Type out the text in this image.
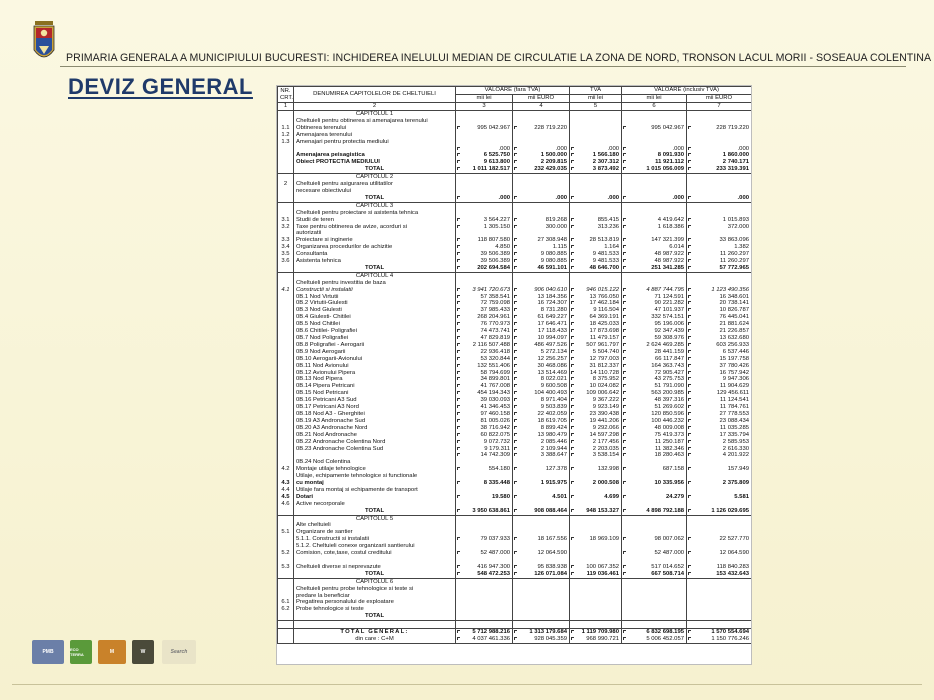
PRIMARIA GENERALA A MUNICIPIULUI BUCURESTI: INCHIDEREA INELULUI MEDIAN DE CIRCULATIE LA ZONA DE NORD, TRONSON LACUL MORII - SOSEAUA COLENTINA
DEVIZ GENERAL	NR. CRT.	DENUMIREA CAPITOLELOR DE CHELTUIELI	VALOARE (fara TVA)		TVA	VALOARE (inclusiv TVA)	
		mii lei	mii EURO	mii lei	mii lei	mii EURO
1	2	3	4	5	6	7
	CAPITOLUL 1					
	Cheltuieli pentru obtinerea si amenajarea terenului					
1.1	Obtinerea terenului	995 042.967	228 719.220		995 042.967	228 719.220
1.2	Amenajarea terenului					
1.3	Amenajari pentru protectia mediului					
		.000	.000	.000	.000	.000
	Amenajarea peisagistica	6 525.750	1 500.000	1 566.180	8 091.930	1 860.000
	Obiect PROTECTIA MEDIULUI	9 613.800	2 209.815	2 307.312	11 921.112	2 740.171
	TOTAL	1 011 182.517	232 429.035	3 873.492	1 015 056.009	233 319.391
	CAPITOLUL 2					
2	Cheltuieli pentru asigurarea utilitatilor					
	necesare obiectivului					
	TOTAL	.000	.000	.000	.000	.000
	CAPITOLUL 3					
	Cheltuieli pentru proiectare si asistenta tehnica					
3.1	Studii de teren	3 564.227	819.268	855.415	4 419.642	1 015.893
3.2	Taxe pentru obtinerea de avize, acorduri si	1 305.150	300.000	313.236	1 618.386	372.000
	autorizatii					
3.3	Proiectare si inginerie	118 807.580	27 308.948	28 513.819	147 321.399	33 863.096
3.4	Organizarea procedurilor de achizitie	4.850	1.115	1.164	6.014	1.382
3.5	Consultanta	39 506.389	9 080.885	9 481.533	48 987.922	11 260.297
3.6	Asistenta tehnica	39 506.389	9 080.885	9 481.533	48 987.922	11 260.297
	TOTAL	202 694.584	46 591.101	48 646.700	251 341.285	57 772.965
	CAPITOLUL 4					
	Cheltuieli pentru investitia de baza					
4.1	Constructii si instalatii	3 941 720.673	906 040.610	946 015.122	4 887 744.795	1 123 490.356
	0B.1 Nod Virtutii	57 358.541	13 184.356	13 766.050	71 124.591	16 348.601
	0B.2 Virtutii-Giulesti	72 759.098	16 724.307	17 462.184	90 221.282	20 738.141
	0B.3 Nod Giulesti	37 985.433	8 731.280	9 116.504	47 101.937	10 826.787
	0B.4 Giulesti- Chitilei	268 204.961	61 649.227	64 369.191	332 574.151	76 445.041
	0B.5 Nod Chitilei	76 770.973	17 646.471	18 425.033	95 196.006	21 881.624
	0B.6 Chitilei- Poligrafiei	74 473.741	17 118.433	17 873.698	92 347.439	21 226.857
	0B.7 Nod Poligrafiei	47 829.819	10 994.097	11 479.157	59 308.976	13 632.680
	0B.8 Poligrafiei - Aerogarii	2 116 507.488	486 497.526	507 961.797	2 624 469.285	603 256.933
	0B.9 Nod Aerogarii	22 936.418	5 272.134	5 504.740	28 441.159	6 537.446
	0B.10 Aerogarii-Avionului	53 320.844	12 256.257	12 797.003	66 117.847	15 197.758
	0B.11 Nod Avionului	132 551.406	30 468.086	31 812.337	164 363.743	37 780.426
	0B.12 Avionului Pipera	58 794.699	13 514.469	14 110.728	72 905.427	16 757.942
	0B.13 Nod Pipera	34 899.801	8 022.021	8 375.952	43 275.753	9 947.306
	0B.14 Pipera Petricani	41 767.008	9 600.508	10 024.082	51 791.090	11 904.629
	0B.15 Nod Petricani	454 194.343	104 400.493	109 006.642	563 200.985	129 456.611
	0B.16 Petricani A3 Sud	39 030.093	8 971.404	9 367.222	48 397.316	11 124.541
	0B.17 Petricani A3 Nord	41 346.453	9 503.839	9 923.149	51 269.602	11 784.761
	0B.18 Nod A3 - Gherghitei	97 460.158	22 402.059	23 390.438	120 850.596	27 778.553
	0B.19 A3 Andronache Sud	81 005.026	18 619.705	19 441.206	100 446.232	23 088.434
	0B.20 A3 Andronache Nord	38 716.942	8 899.424	9 292.066	48 009.008	11 035.285
	0B.21 Nod Andronache	60 822.075	13 980.479	14 597.298	75 419.373	17 335.794
	0B.22 Andronache Colentina Nord	9 072.732	2 085.446	2 177.456	11 250.187	2 585.953
	0B.23 Andronache Colentina Sud	9 179.311	2 109.944	2 203.035	11 382.346	2 616.330
		14 742.309	3 388.647	3 538.154	18 280.463	4 201.922
	0B.24 Nod Colentina					
4.2	Montaje utilaje tehnologice	554.180	127.378	132.998	687.158	157.949
	Utilaje, echipamente tehnologice si functionale					
4.3	cu montaj	8 335.448	1 915.975	2 000.508	10 335.956	2 375.809
4.4	Utilaje fara montaj si echipamente de transport					
4.5	Dotari	19.580	4.501	4.699	24.279	5.581
4.6	Active necorporale					
	TOTAL	3 950 638.861	908 088.464	948 153.327	4 898 792.188	1 126 029.695
	CAPITOLUL 5					
	Alte cheltuieli					
5.1	Organizare de santier					
	5.1.1. Constructii si instalatii	79 037.933	18 167.556	18 969.109	98 007.062	22 527.770
	5.1.2. Cheltuieli conexe organizarii santierului					
5.2	Comision, cote,taxe, costul creditului	52 487.000	12 064.590		52 487.000	12 064.590

5.3	Cheltuieli diverse si neprevazute	416 947.300	95 838.938	100 067.352	517 014.652	118 840.283
	TOTAL	548 472.253	126 071.084	119 036.461	667 508.714	153 432.643
	CAPITOLUL 6					
	Cheltuieli pentru probe tehnologice si teste si					
	predare la beneficiar					
6.1	Pregatirea personalului de exploatare					
6.2	Probe tehnologice si teste					
	TOTAL					

	TOTAL GENERAL:	5 712 988.216	1 313 179.684	1 119 709.980	6 832 698.195	1 570 554.694
	din care : C+M	4 037 461.336	928 045.359	968 990.721	5 006 452.057	1 150 776.246
PMB	ECO TERRA	M	W	Search
